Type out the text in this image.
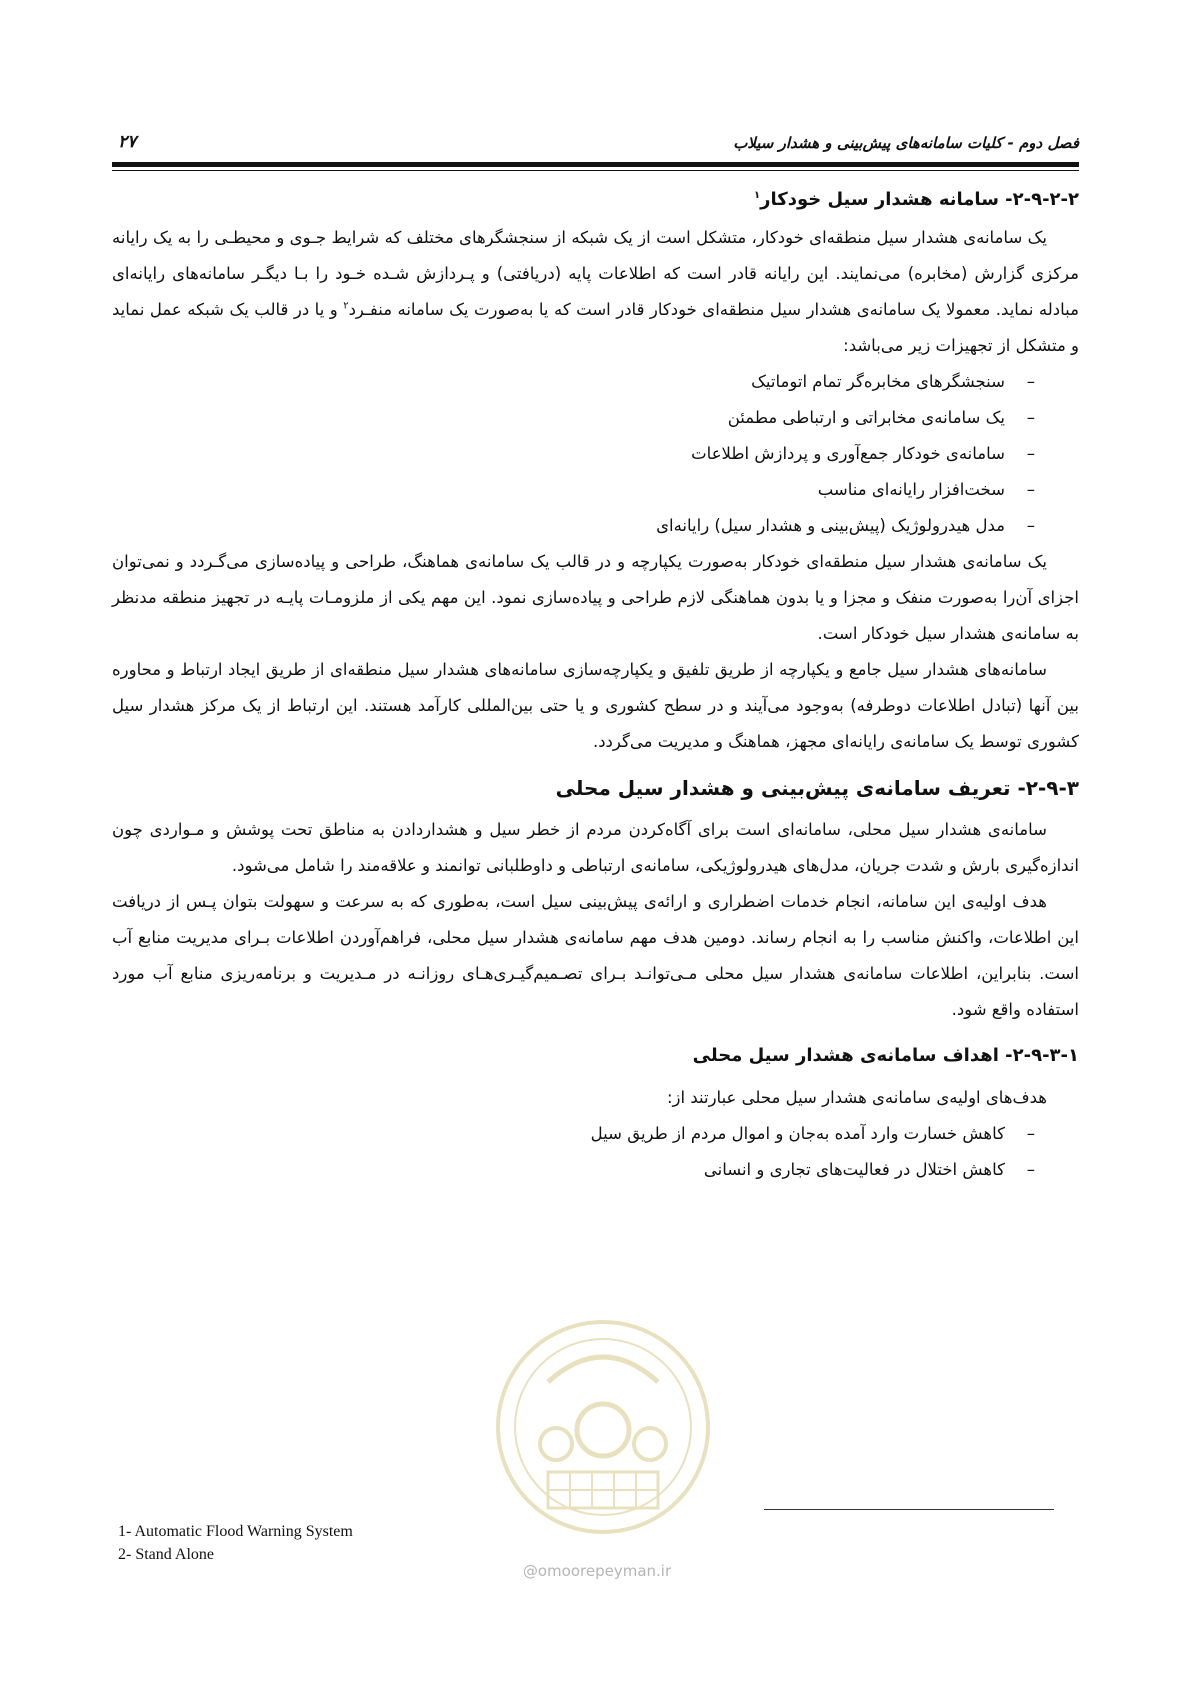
فصل دوم - کلیات سامانه‌های پیش‌بینی و هشدار سیلاب
۲۷
۲-۹-۲-۲- سامانه هشدار سیل خودکار$^۱$

یک سامانه‌ی هشدار سیل منطقه‌ای خودکار، متشکل است از یک شبکه از سنجشگرهای مختلف که شرایط جـوی و محیطـی را به یک رایانه مرکزی گزارش (مخابره) می‌نمایند. این رایانه قادر است که اطلاعات پایه (دریافتی) و پـردازش شـده خـود را بـا دیگـر سامانه‌های رایانه‌ای مبادله نماید. معمولا یک سامانه‌ی هشدار سیل منطقه‌ای خودکار قادر است که یا به‌صورت یک سامانه منفـرد$^۲$ و یا در قالب یک شبکه عمل نماید و متشکل از تجهیزات زیر می‌باشد:

–سنجشگرهای مخابره‌گر تمام اتوماتیک
–یک سامانه‌ی مخابراتی و ارتباطی مطمئن
–سامانه‌ی خودکار جمع‌آوری و پردازش اطلاعات
–سخت‌افزار رایانه‌ای مناسب
–مدل هیدرولوژیک (پیش‌بینی و هشدار سیل) رایانه‌ای

یک سامانه‌ی هشدار سیل منطقه‌ای خودکار به‌صورت یکپارچه و در قالب یک سامانه‌ی هماهنگ، طراحی و پیاده‌سازی می‌گـردد و نمی‌توان اجزای آن‌را به‌صورت منفک و مجزا و یا بدون هماهنگی لازم طراحی و پیاده‌سازی نمود. این مهم یکی از ملزومـات پایـه در تجهیز منطقه مدنظر به سامانه‌ی هشدار سیل خودکار است.

سامانه‌های هشدار سیل جامع و یکپارچه از طریق تلفیق و یکپارچه‌سازی سامانه‌های هشدار سیل منطقه‌ای از طریق ایجاد ارتباط و محاوره بین آنها (تبادل اطلاعات دوطرفه) به‌وجود می‌آیند و در سطح کشوری و یا حتی بین‌المللی کارآمد هستند. این ارتباط از یک مرکز هشدار سیل کشوری توسط یک سامانه‌ی رایانه‌ای مجهز، هماهنگ و مدیریت می‌گردد.

۲-۹-۳- تعریف سامانه‌ی پیش‌بینی و هشدار سیل محلی

سامانه‌ی هشدار سیل محلی، سامانه‌ای است برای آگاه‌کردن مردم از خطر سیل و هشداردادن به مناطق تحت پوشش و مـواردی چون اندازه‌گیری بارش و شدت جریان، مدل‌های هیدرولوژیکی، سامانه‌ی ارتباطی و داوطلبانی توانمند و علاقه‌مند را شامل می‌شود.

هدف اولیه‌ی این سامانه، انجام خدمات اضطراری و ارائه‌ی پیش‌بینی سیل است، به‌طوری که به سرعت و سهولت بتوان پـس از دریافت این اطلاعات، واکنش مناسب را به انجام رساند. دومین هدف مهم سامانه‌ی هشدار سیل محلی، فراهم‌آوردن اطلاعات بـرای مدیریت منابع آب است. بنابراین، اطلاعات سامانه‌ی هشدار سیل محلی مـی‌توانـد بـرای تصـمیم‌گیـری‌هـای روزانـه در مـدیریت و برنامه‌ریزی منابع آب مورد استفاده واقع شود.

۲-۹-۳-۱- اهداف سامانه‌ی هشدار سیل محلی

هدف‌های اولیه‌ی سامانه‌ی هشدار سیل محلی عبارتند از:

–کاهش خسارت وارد آمده به‌جان و اموال مردم از طریق سیل
–کاهش اختلال در فعالیت‌های تجاری و انسانی
@omoorepeyman.ir
1- Automatic Flood Warning System
2- Stand Alone
